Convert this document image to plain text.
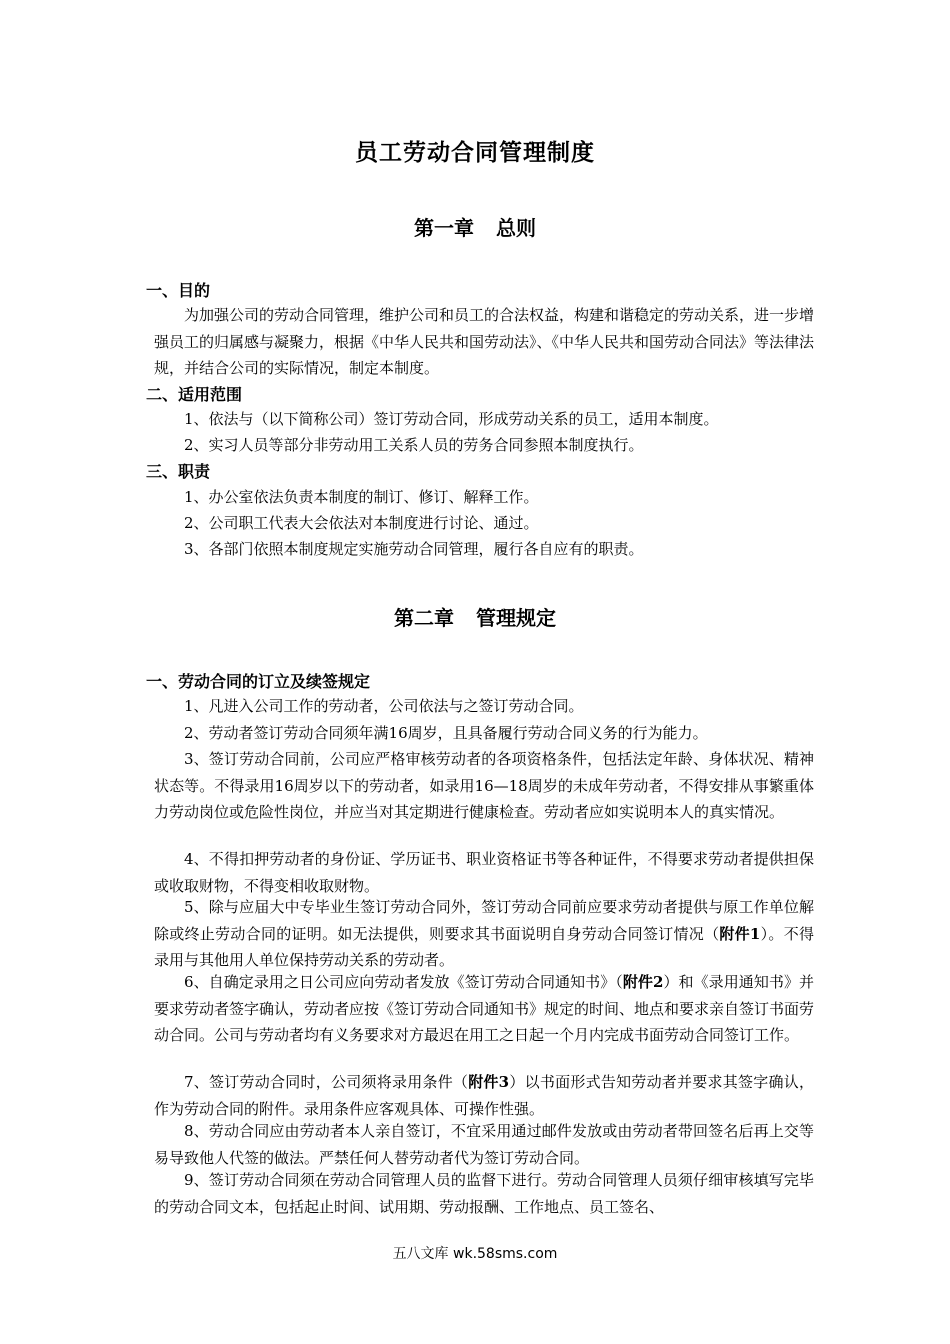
员工劳动合同管理制度
第一章 总则
一、目的
为加强公司的劳动合同管理，维护公司和员工的合法权益，构建和谐稳定的劳动关系，进一步增强员工的归属感与凝聚力，根据《中华人民共和国劳动法》、《中华人民共和国劳动合同法》等法律法规，并结合公司的实际情况，制定本制度。
二、适用范围
1、依法与（以下简称公司）签订劳动合同，形成劳动关系的员工，适用本制度。
2、实习人员等部分非劳动用工关系人员的劳务合同参照本制度执行。
三、职责
1、办公室依法负责本制度的制订、修订、解释工作。
2、公司职工代表大会依法对本制度进行讨论、通过。
3、各部门依照本制度规定实施劳动合同管理，履行各自应有的职责。
第二章 管理规定
一、劳动合同的订立及续签规定
1、凡进入公司工作的劳动者，公司依法与之签订劳动合同。
2、劳动者签订劳动合同须年满16周岁，且具备履行劳动合同义务的行为能力。
3、签订劳动合同前，公司应严格审核劳动者的各项资格条件，包括法定年龄、身体状况、精神状态等。不得录用16周岁以下的劳动者，如录用16—18周岁的未成年劳动者，不得安排从事繁重体力劳动岗位或危险性岗位，并应当对其定期进行健康检查。劳动者应如实说明本人的真实情况。
4、不得扣押劳动者的身份证、学历证书、职业资格证书等各种证件，不得要求劳动者提供担保或收取财物，不得变相收取财物。
5、除与应届大中专毕业生签订劳动合同外，签订劳动合同前应要求劳动者提供与原工作单位解除或终止劳动合同的证明。如无法提供，则要求其书面说明自身劳动合同签订情况（附件1）。不得录用与其他用人单位保持劳动关系的劳动者。
6、自确定录用之日公司应向劳动者发放《签订劳动合同通知书》（附件2）和《录用通知书》并要求劳动者签字确认，劳动者应按《签订劳动合同通知书》规定的时间、地点和要求亲自签订书面劳动合同。公司与劳动者均有义务要求对方最迟在用工之日起一个月内完成书面劳动合同签订工作。
7、签订劳动合同时，公司须将录用条件（附件3）以书面形式告知劳动者并要求其签字确认，作为劳动合同的附件。录用条件应客观具体、可操作性强。
8、劳动合同应由劳动者本人亲自签订，不宜采用通过邮件发放或由劳动者带回签名后再上交等易导致他人代签的做法。严禁任何人替劳动者代为签订劳动合同。
9、签订劳动合同须在劳动合同管理人员的监督下进行。劳动合同管理人员须仔细审核填写完毕的劳动合同文本，包括起止时间、试用期、劳动报酬、工作地点、员工签名、
五八文库 wk.58sms.com
